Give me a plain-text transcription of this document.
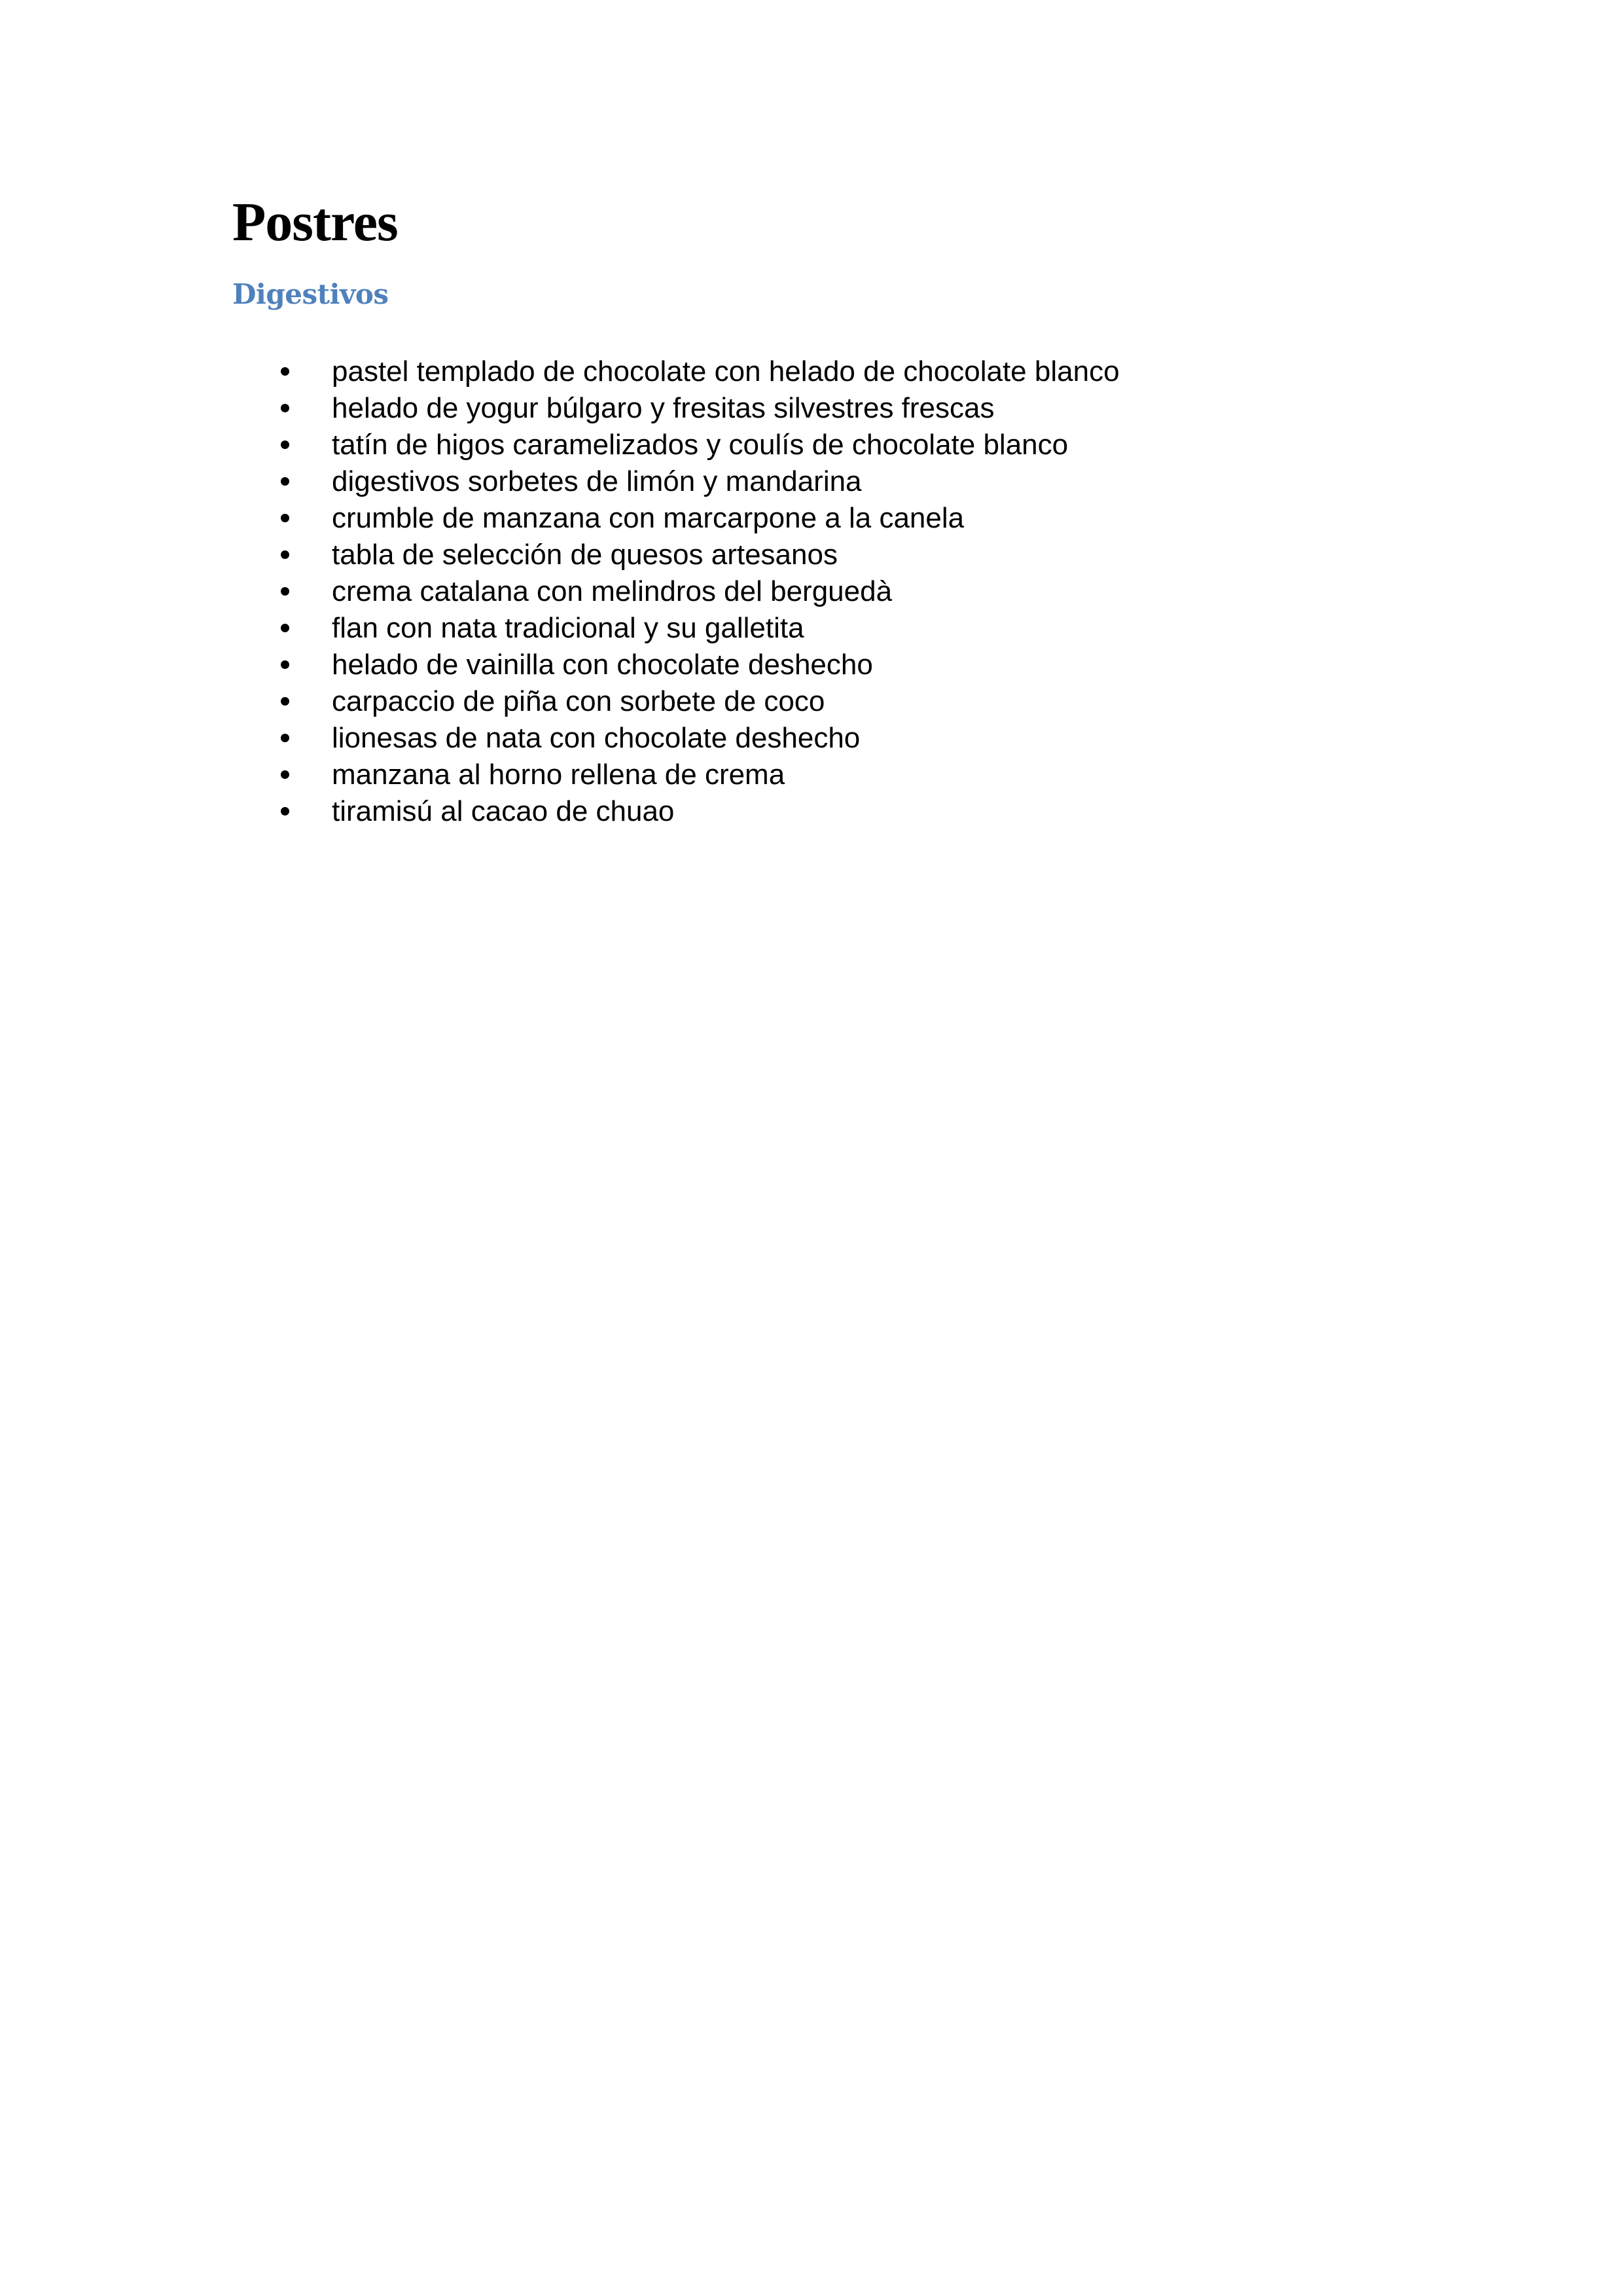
Postres
Digestivos
pastel templado de chocolate con helado de chocolate blanco
helado de yogur búlgaro y fresitas silvestres frescas
tatín de higos caramelizados y coulís de chocolate blanco
digestivos sorbetes de limón y mandarina
crumble de manzana con marcarpone a la canela
tabla de selección de quesos artesanos
crema catalana con melindros del berguedà
flan con nata tradicional y su galletita
helado de vainilla con chocolate deshecho
carpaccio de piña con sorbete de coco
lionesas de nata con chocolate deshecho
manzana al horno rellena de crema
tiramisú al cacao de chuao
